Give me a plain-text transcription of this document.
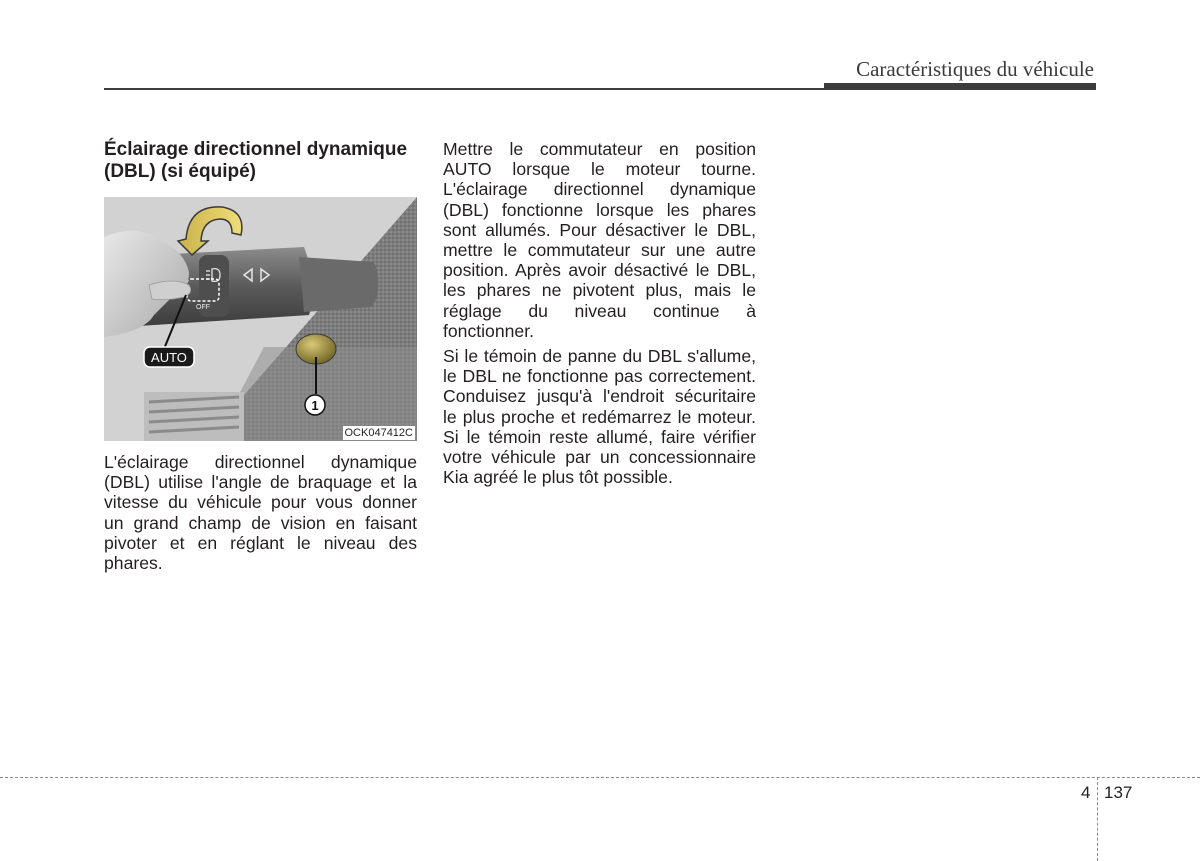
Caractéristiques du véhicule
Éclairage directionnel dynamique (DBL) (si équipé)
OFF
AUTO
1
OCK047412C

L'éclairage directionnel dynamique (DBL) utilise l'angle de braquage et la vitesse du véhicule pour vous donner un grand champ de vision en faisant pivoter et en réglant le niveau des phares.

Mettre le commutateur en position AUTO lorsque le moteur tourne. L'éclairage directionnel dynamique (DBL) fonctionne lorsque les phares sont allumés. Pour désactiver le DBL, mettre le commutateur sur une autre position. Après avoir désactivé le DBL, les phares ne pivotent plus, mais le réglage du niveau continue à fonctionner.

Si le témoin de panne du DBL s'allume, le DBL ne fonctionne pas correctement. Conduisez jusqu'à l'endroit sécuritaire le plus proche et redémarrez le moteur. Si le témoin reste allumé, faire vérifier votre véhicule par un concessionnaire Kia agréé le plus tôt possible.

4 137
